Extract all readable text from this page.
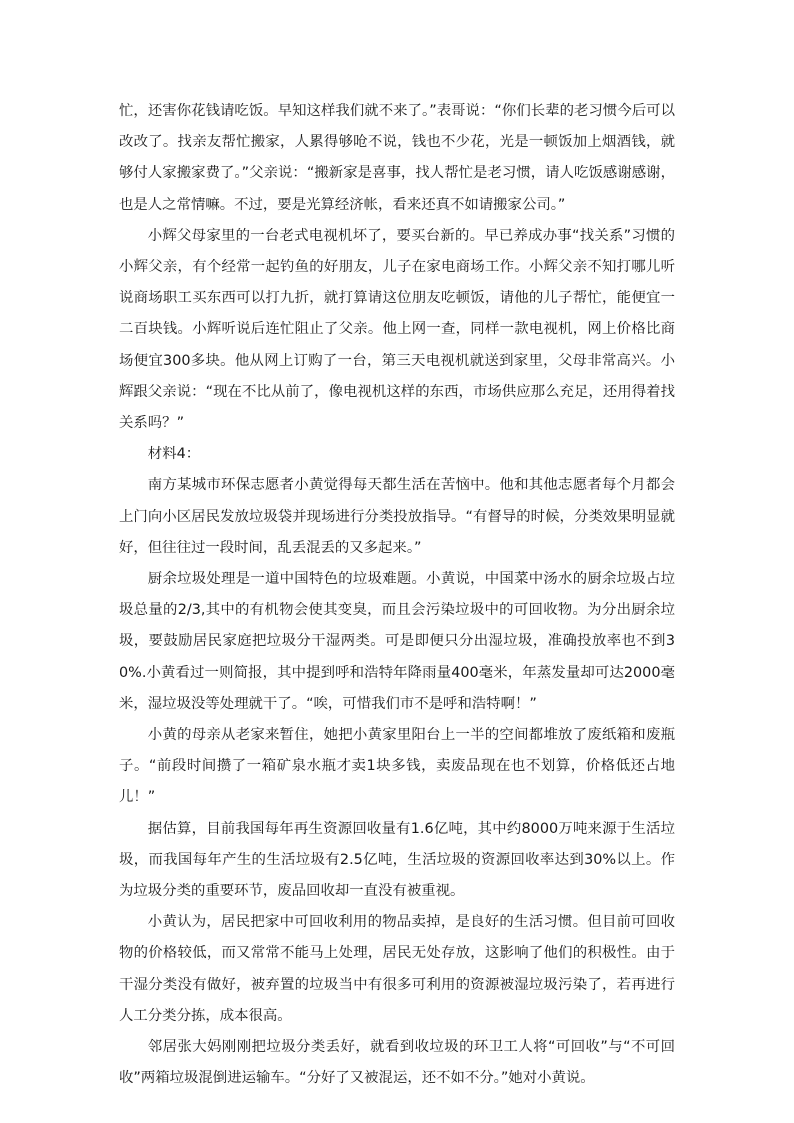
忙，还害你花钱请吃饭。早知这样我们就不来了。”表哥说：“你们长辈的老习惯今后可以改改了。找亲友帮忙搬家，人累得够呛不说，钱也不少花，光是一顿饭加上烟酒钱，就够付人家搬家费了。”父亲说：“搬新家是喜事，找人帮忙是老习惯，请人吃饭感谢感谢，也是人之常情嘛。不过，要是光算经济帐，看来还真不如请搬家公司。”

小辉父母家里的一台老式电视机坏了，要买台新的。早已养成办事“找关系”习惯的小辉父亲，有个经常一起钓鱼的好朋友，儿子在家电商场工作。小辉父亲不知打哪儿听说商场职工买东西可以打九折，就打算请这位朋友吃顿饭，请他的儿子帮忙，能便宜一二百块钱。小辉听说后连忙阻止了父亲。他上网一查，同样一款电视机，网上价格比商场便宜300多块。他从网上订购了一台，第三天电视机就送到家里，父母非常高兴。小辉跟父亲说：“现在不比从前了，像电视机这样的东西，市场供应那么充足，还用得着找关系吗？”

材料4：

南方某城市环保志愿者小黄觉得每天都生活在苦恼中。他和其他志愿者每个月都会上门向小区居民发放垃圾袋并现场进行分类投放指导。“有督导的时候，分类效果明显就好，但往往过一段时间，乱丢混丢的又多起来。”

厨余垃圾处理是一道中国特色的垃圾难题。小黄说，中国菜中汤水的厨余垃圾占垃圾总量的2/3,其中的有机物会使其变臭，而且会污染垃圾中的可回收物。为分出厨余垃圾，要鼓励居民家庭把垃圾分干湿两类。可是即便只分出湿垃圾，准确投放率也不到30%.小黄看过一则简报，其中提到呼和浩特年降雨量400毫米，年蒸发量却可达2000毫米，湿垃圾没等处理就干了。“唉，可惜我们市不是呼和浩特啊！”

小黄的母亲从老家来暂住，她把小黄家里阳台上一半的空间都堆放了废纸箱和废瓶子。“前段时间攒了一箱矿泉水瓶才卖1块多钱，卖废品现在也不划算，价格低还占地儿！”

据估算，目前我国每年再生资源回收量有1.6亿吨，其中约8000万吨来源于生活垃圾，而我国每年产生的生活垃圾有2.5亿吨，生活垃圾的资源回收率达到30%以上。作为垃圾分类的重要环节，废品回收却一直没有被重视。

小黄认为，居民把家中可回收利用的物品卖掉，是良好的生活习惯。但目前可回收物的价格较低，而又常常不能马上处理，居民无处存放，这影响了他们的积极性。由于干湿分类没有做好，被弃置的垃圾当中有很多可利用的资源被湿垃圾污染了，若再进行人工分类分拣，成本很高。

邻居张大妈刚刚把垃圾分类丢好，就看到收垃圾的环卫工人将“可回收”与“不可回收”两箱垃圾混倒进运输车。“分好了又被混运，还不如不分。”她对小黄说。
